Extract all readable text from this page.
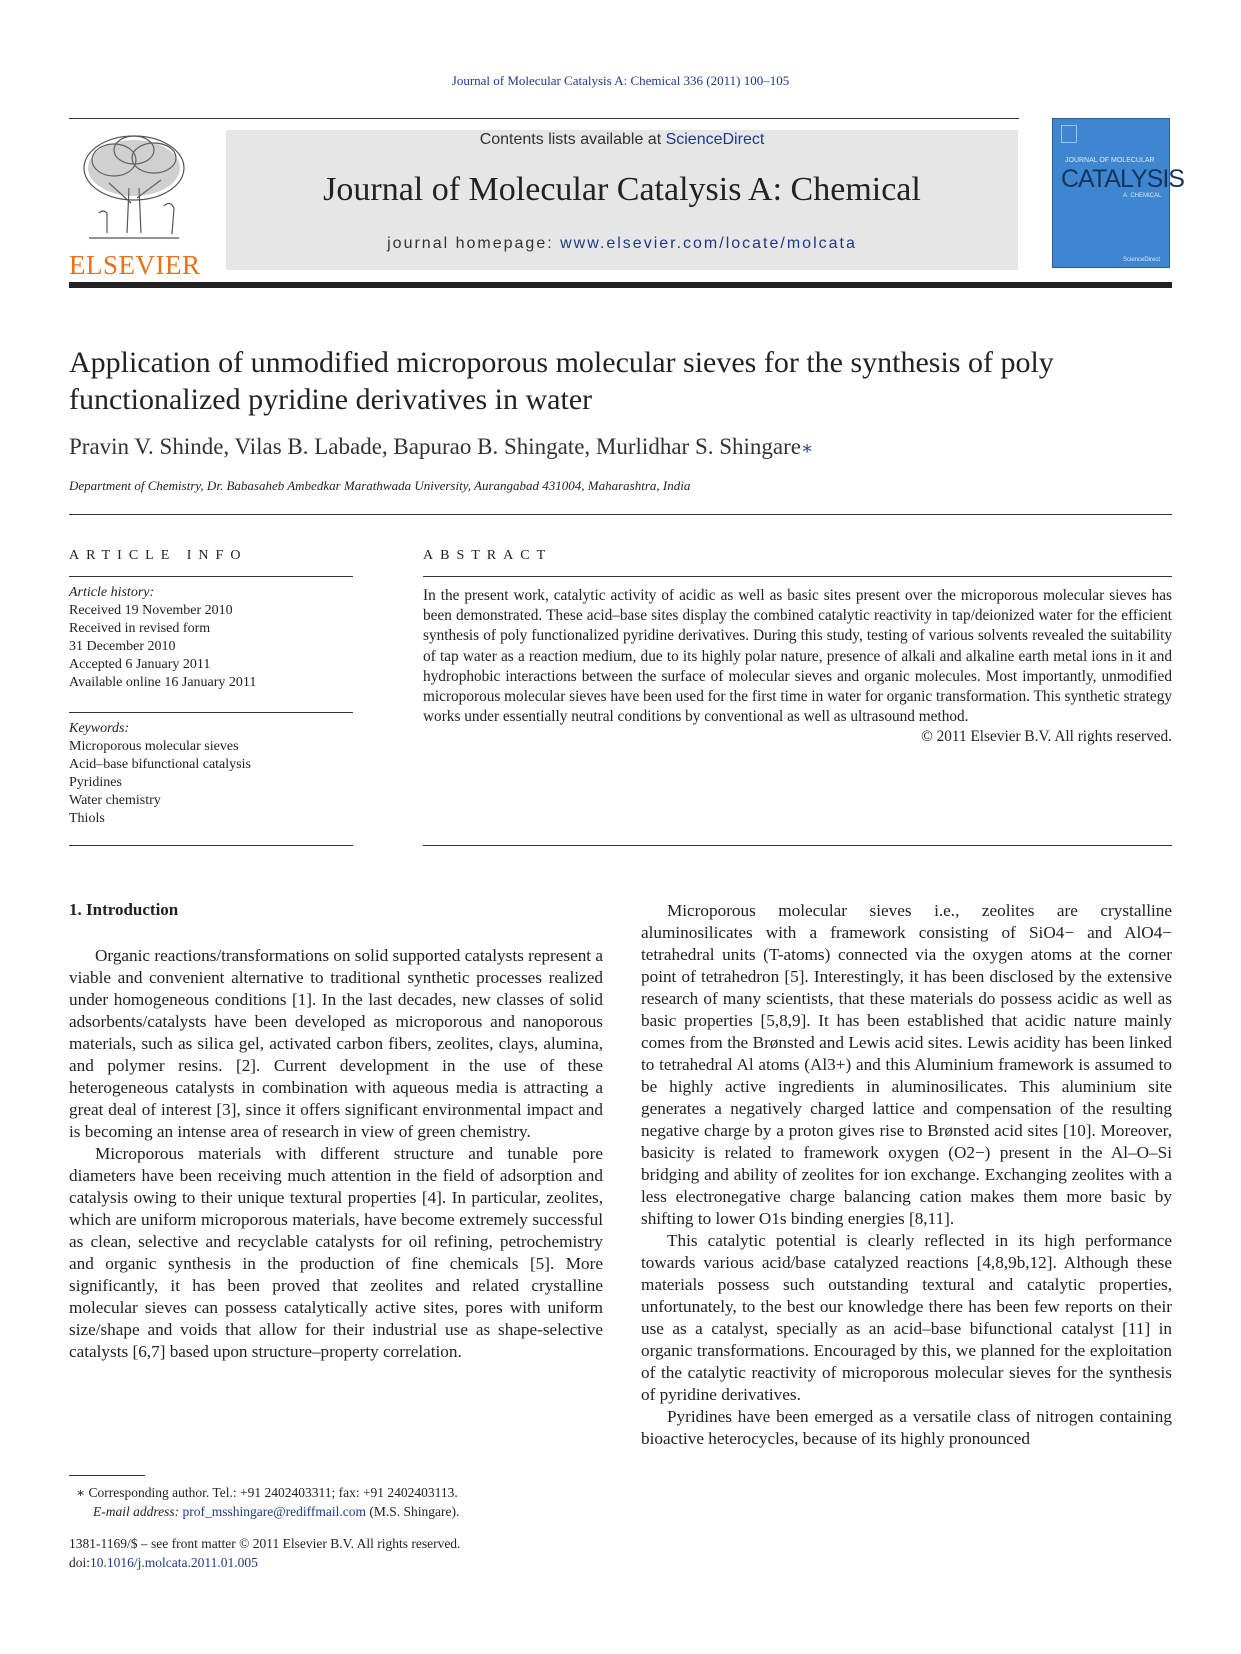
Journal of Molecular Catalysis A: Chemical 336 (2011) 100–105
ELSEVIER
Contents lists available at ScienceDirect
Journal of Molecular Catalysis A: Chemical
journal homepage: www.elsevier.com/locate/molcata
JOURNAL OF MOLECULAR
CATALYSIS
A: CHEMICAL
ScienceDirect
Application of unmodified microporous molecular sieves for the synthesis of poly functionalized pyridine derivatives in water
Pravin V. Shinde, Vilas B. Labade, Bapurao B. Shingate, Murlidhar S. Shingare∗
Department of Chemistry, Dr. Babasaheb Ambedkar Marathwada University, Aurangabad 431004, Maharashtra, India
ARTICLE INFO
Article history:
Received 19 November 2010
Received in revised form
31 December 2010
Accepted 6 January 2011
Available online 16 January 2011
Keywords:
Microporous molecular sieves
Acid–base bifunctional catalysis
Pyridines
Water chemistry
Thiols
ABSTRACT
In the present work, catalytic activity of acidic as well as basic sites present over the microporous molecular sieves has been demonstrated. These acid–base sites display the combined catalytic reactivity in tap/deionized water for the efficient synthesis of poly functionalized pyridine derivatives. During this study, testing of various solvents revealed the suitability of tap water as a reaction medium, due to its highly polar nature, presence of alkali and alkaline earth metal ions in it and hydrophobic interactions between the surface of molecular sieves and organic molecules. Most importantly, unmodified microporous molecular sieves have been used for the first time in water for organic transformation. This synthetic strategy works under essentially neutral conditions by conventional as well as ultrasound method.
© 2011 Elsevier B.V. All rights reserved.
1. Introduction

Organic reactions/transformations on solid supported catalysts represent a viable and convenient alternative to traditional synthetic processes realized under homogeneous conditions [1]. In the last decades, new classes of solid adsorbents/catalysts have been developed as microporous and nanoporous materials, such as silica gel, activated carbon fibers, zeolites, clays, alumina, and polymer resins. [2]. Current development in the use of these heterogeneous catalysts in combination with aqueous media is attracting a great deal of interest [3], since it offers significant environmental impact and is becoming an intense area of research in view of green chemistry.

Microporous materials with different structure and tunable pore diameters have been receiving much attention in the field of adsorption and catalysis owing to their unique textural properties [4]. In particular, zeolites, which are uniform microporous materials, have become extremely successful as clean, selective and recyclable catalysts for oil refining, petrochemistry and organic synthesis in the production of fine chemicals [5]. More significantly, it has been proved that zeolites and related crystalline molecular sieves can possess catalytically active sites, pores with uniform size/shape and voids that allow for their industrial use as shape-selective catalysts [6,7] based upon structure–property correlation.

Microporous molecular sieves i.e., zeolites are crystalline aluminosilicates with a framework consisting of SiO4− and AlO4− tetrahedral units (T-atoms) connected via the oxygen atoms at the corner point of tetrahedron [5]. Interestingly, it has been disclosed by the extensive research of many scientists, that these materials do possess acidic as well as basic properties [5,8,9]. It has been established that acidic nature mainly comes from the Brønsted and Lewis acid sites. Lewis acidity has been linked to tetrahedral Al atoms (Al3+) and this Aluminium framework is assumed to be highly active ingredients in aluminosilicates. This aluminium site generates a negatively charged lattice and compensation of the resulting negative charge by a proton gives rise to Brønsted acid sites [10]. Moreover, basicity is related to framework oxygen (O2−) present in the Al–O–Si bridging and ability of zeolites for ion exchange. Exchanging zeolites with a less electronegative charge balancing cation makes them more basic by shifting to lower O1s binding energies [8,11].

This catalytic potential is clearly reflected in its high performance towards various acid/base catalyzed reactions [4,8,9b,12]. Although these materials possess such outstanding textural and catalytic properties, unfortunately, to the best our knowledge there has been few reports on their use as a catalyst, specially as an acid–base bifunctional catalyst [11] in organic transformations. Encouraged by this, we planned for the exploitation of the catalytic reactivity of microporous molecular sieves for the synthesis of pyridine derivatives.

Pyridines have been emerged as a versatile class of nitrogen containing bioactive heterocycles, because of its highly pronounced

∗ Corresponding author. Tel.: +91 2402403311; fax: +91 2402403113.
E-mail address: prof_msshingare@rediffmail.com (M.S. Shingare).
1381-1169/$ – see front matter © 2011 Elsevier B.V. All rights reserved.
doi:10.1016/j.molcata.2011.01.005
